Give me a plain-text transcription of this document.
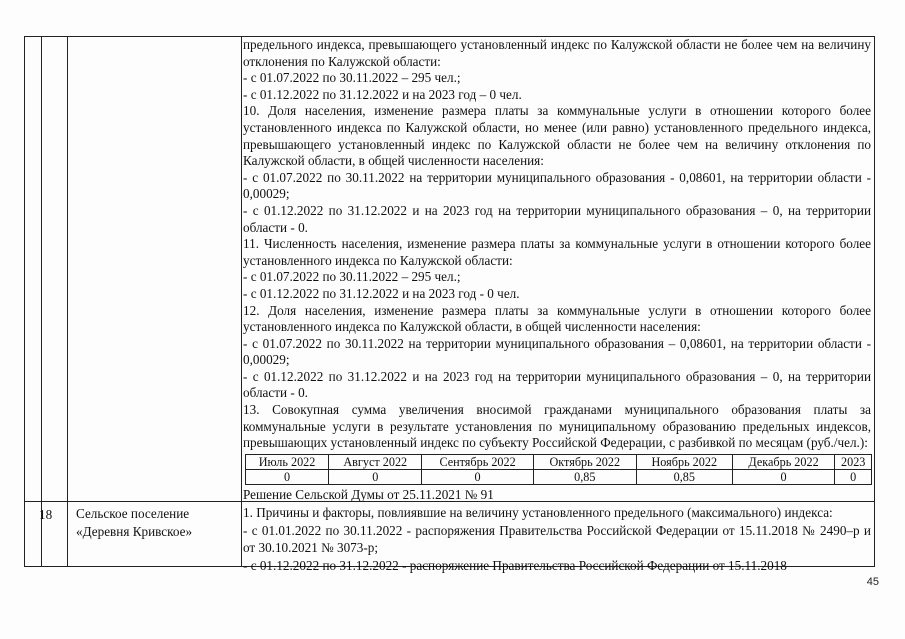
предельного индекса, превышающего установленный индекс по Калужской области не более чем на величину отклонения по Калужской области:

- с 01.07.2022 по 30.11.2022 – 295 чел.;

- с 01.12.2022 по 31.12.2022 и на 2023 год – 0 чел.

10. Доля населения, изменение размера платы за коммунальные услуги в отношении которого более установленного индекса по Калужской области, но менее (или равно) установленного предельного индекса, превышающего установленный индекс по Калужской области не более чем на величину отклонения по Калужской области, в общей численности населения:

- с 01.07.2022 по 30.11.2022 на территории муниципального образования - 0,08601, на территории области - 0,00029;

- с 01.12.2022 по 31.12.2022 и на 2023 год на территории муниципального образования – 0, на территории области - 0.

11. Численность населения, изменение размера платы за коммунальные услуги в отношении которого более установленного индекса по Калужской области:

- с 01.07.2022 по 30.11.2022 – 295 чел.;

- с 01.12.2022 по 31.12.2022 и на 2023 год - 0 чел.

12. Доля населения, изменение размера платы за коммунальные услуги в отношении которого более установленного индекса по Калужской области, в общей численности населения:

- с 01.07.2022 по 30.11.2022 на территории муниципального образования – 0,08601, на территории области - 0,00029;

- с 01.12.2022 по 31.12.2022 и на 2023 год на территории муниципального образования – 0, на территории области - 0.

13. Совокупная сумма увеличения вносимой гражданами муниципального образования платы за коммунальные услуги в результате установления по муниципальному образованию предельных индексов, превышающих установленный индекс по субъекту Российской Федерации, с разбивкой по месяцам (руб./чел.):

Июль 2022	Август 2022	Сентябрь 2022	Октябрь 2022	Ноябрь 2022	Декабрь 2022	2023
0	0	0	0,85	0,85	0	0

Решение Сельской Думы от 25.11.2021 № 91

18 Сельское поселение
«Деревня Кривское»

1. Причины и факторы, повлиявшие на величину установленного предельного (максимального) индекса:

- с 01.01.2022 по 30.11.2022 - распоряжения Правительства Российской Федерации от 15.11.2018 № 2490–р и от 30.10.2021 № 3073-р;

- с 01.12.2022 по 31.12.2022 - распоряжение Правительства Российской Федерации от 15.11.2018

45
